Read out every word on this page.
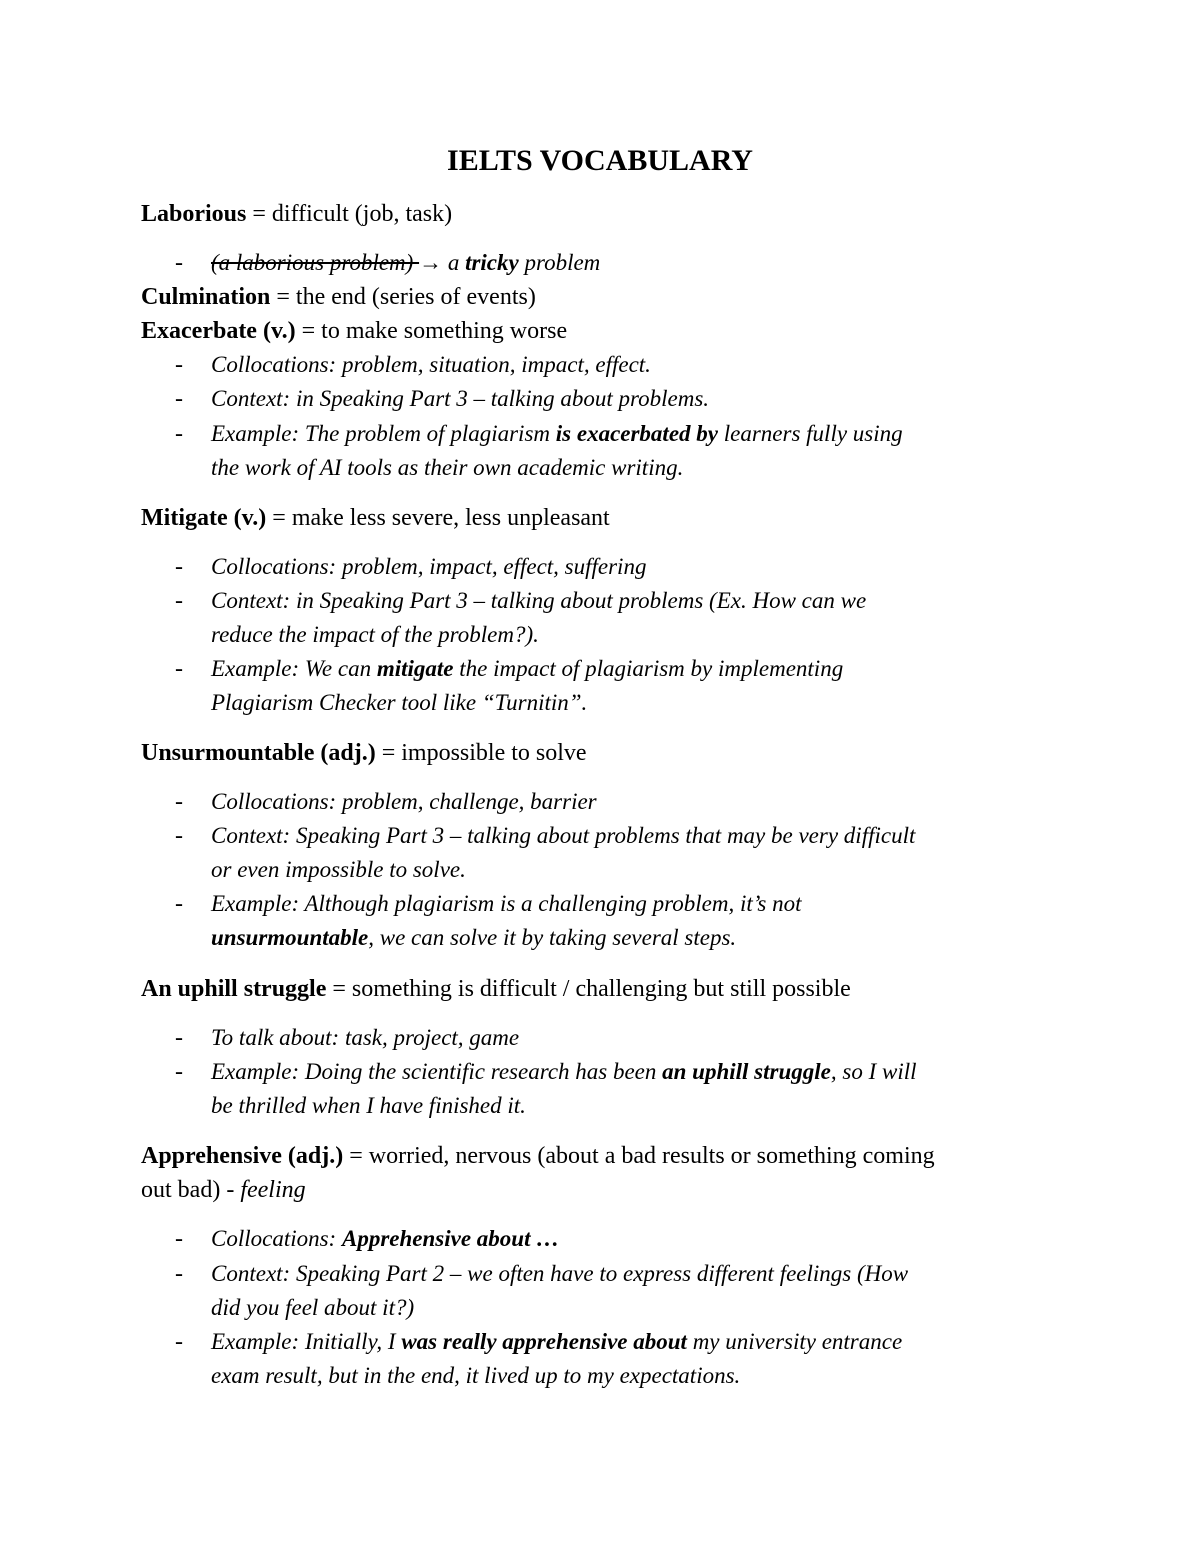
IELTS VOCABULARY
Laborious = difficult (job, task)
- (a laborious problem) → a tricky problem
Culmination = the end (series of events)
Exacerbate (v.) = to make something worse
- Collocations: problem, situation, impact, effect.
- Context: in Speaking Part 3 – talking about problems.
- Example: The problem of plagiarism is exacerbated by learners fully using
the work of AI tools as their own academic writing.
Mitigate (v.) = make less severe, less unpleasant
- Collocations: problem, impact, effect, suffering
- Context: in Speaking Part 3 – talking about problems (Ex. How can we
reduce the impact of the problem?).
- Example: We can mitigate the impact of plagiarism by implementing
Plagiarism Checker tool like “Turnitin”.
Unsurmountable (adj.) = impossible to solve
- Collocations: problem, challenge, barrier
- Context: Speaking Part 3 – talking about problems that may be very difficult
or even impossible to solve.
- Example: Although plagiarism is a challenging problem, it’s not
unsurmountable, we can solve it by taking several steps.
An uphill struggle = something is difficult / challenging but still possible
- To talk about: task, project, game
- Example: Doing the scientific research has been an uphill struggle, so I will
be thrilled when I have finished it.
Apprehensive (adj.) = worried, nervous (about a bad results or something coming
out bad) - feeling
- Collocations: Apprehensive about …
- Context: Speaking Part 2 – we often have to express different feelings (How
did you feel about it?)
- Example: Initially, I was really apprehensive about my university entrance
exam result, but in the end, it lived up to my expectations.
